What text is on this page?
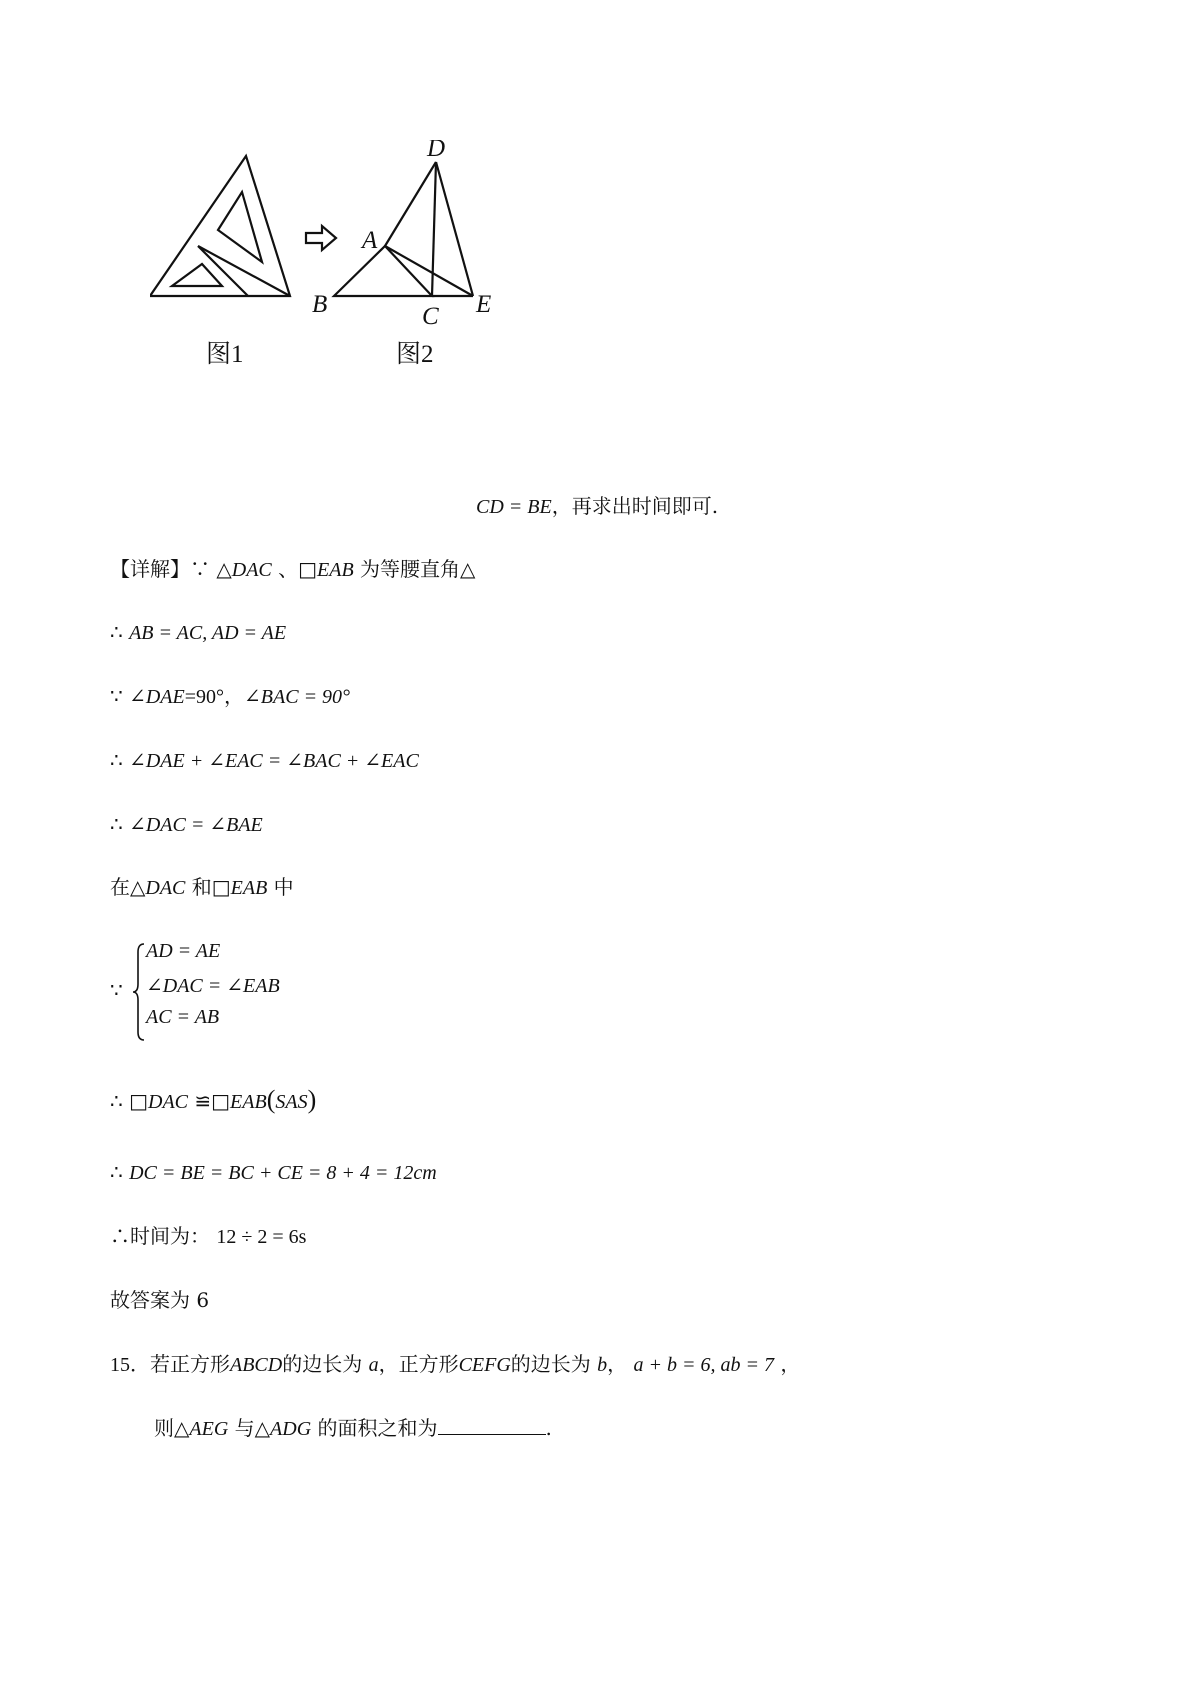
D
A
B	C E
图1	图2
CD = BE，再求出时间即可.
【详解】∵ △DAC 、□EAB 为等腰直角△
∴ AB = AC, AD = AE
∵ ∠DAE=90°，∠BAC = 90°
∴ ∠DAE + ∠EAC = ∠BAC + ∠EAC
∴ ∠DAC = ∠BAE
在△DAC 和□EAB 中
∵
AD = AE
∠DAC = ∠EAB
AC = AB
∴ □DAC ≌□EAB(SAS)
∴ DC = BE = BC + CE = 8 + 4 = 12cm
∴时间为： 12 ÷ 2 = 6s
故答案为 6
15．若正方形ABCD的边长为 a，正方形CEFG的边长为 b， a + b = 6, ab = 7 ，
则△AEG 与△ADG 的面积之和为	.
